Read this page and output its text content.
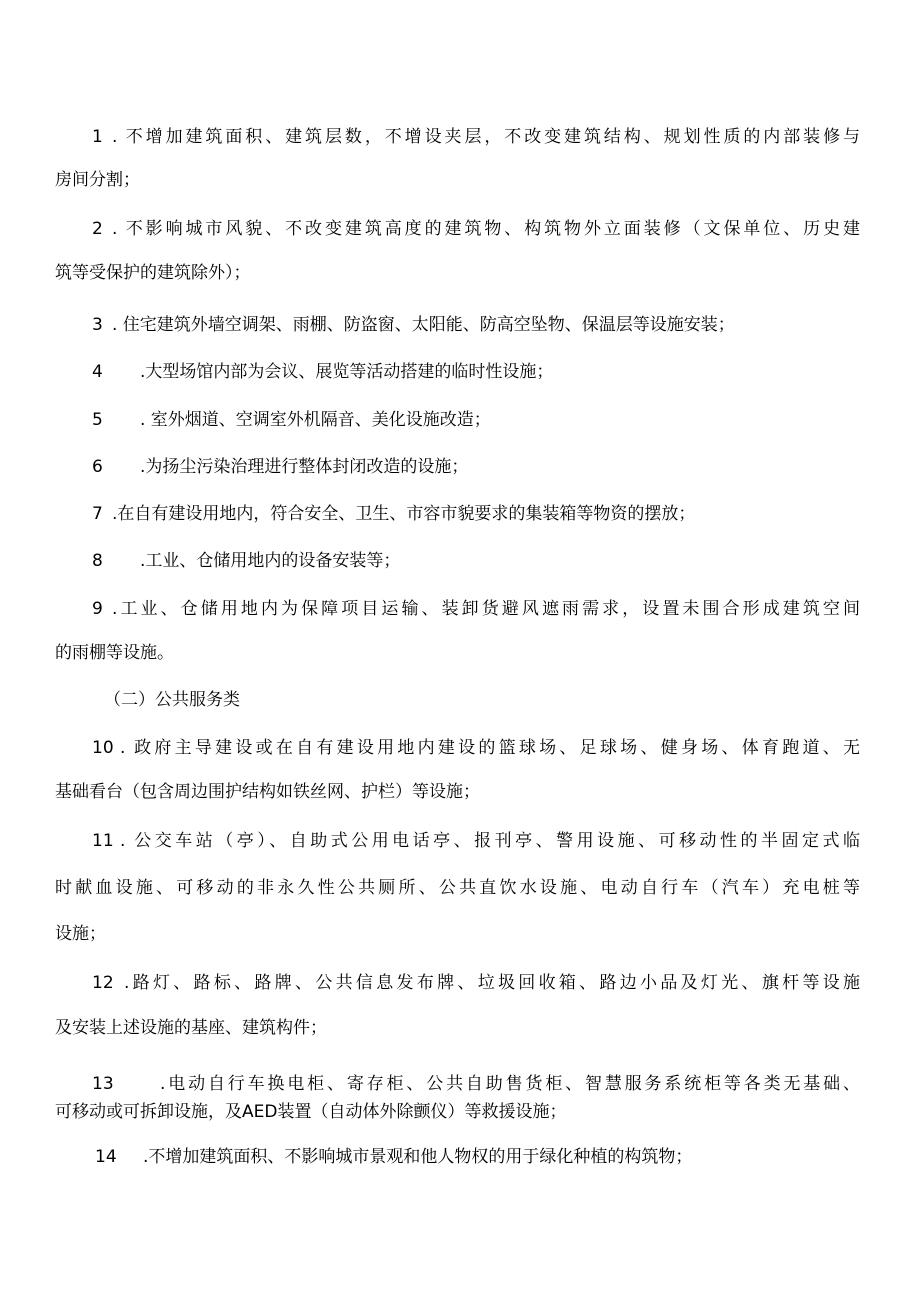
1 . 不增加建筑面积、建筑层数，不增设夹层，不改变建筑结构、规划性质的内部装修与
房间分割；
2 . 不影响城市风貌、不改变建筑高度的建筑物、构筑物外立面装修（文保单位、历史建
筑等受保护的建筑除外）；
3 . 住宅建筑外墙空调架、雨棚、防盗窗、太阳能、防高空坠物、保温层等设施安装；
4 .大型场馆内部为会议、展览等活动搭建的临时性设施；
5 . 室外烟道、空调室外机隔音、美化设施改造；
6 .为扬尘污染治理进行整体封闭改造的设施；
7 .在自有建设用地内，符合安全、卫生、市容市貌要求的集装箱等物资的摆放；
8 .工业、仓储用地内的设备安装等；
9 .工业、仓储用地内为保障项目运输、装卸货避风遮雨需求，设置未围合形成建筑空间
的雨棚等设施。
（二）公共服务类
10 . 政府主导建设或在自有建设用地内建设的篮球场、足球场、健身场、体育跑道、无
基础看台（包含周边围护结构如铁丝网、护栏）等设施；
11 . 公交车站（亭）、自助式公用电话亭、报刊亭、警用设施、可移动性的半固定式临
时献血设施、可移动的非永久性公共厕所、公共直饮水设施、电动自行车（汽车）充电桩等
设施；
12 .路灯、路标、路牌、公共信息发布牌、垃圾回收箱、路边小品及灯光、旗杆等设施
及安装上述设施的基座、建筑构件；
13	.电动自行车换电柜、寄存柜、公共自助售货柜、智慧服务系统柜等各类无基础、
可移动或可拆卸设施，及AED装置（自动体外除颤仪）等救援设施；
14 .不增加建筑面积、不影响城市景观和他人物权的用于绿化种植的构筑物；
